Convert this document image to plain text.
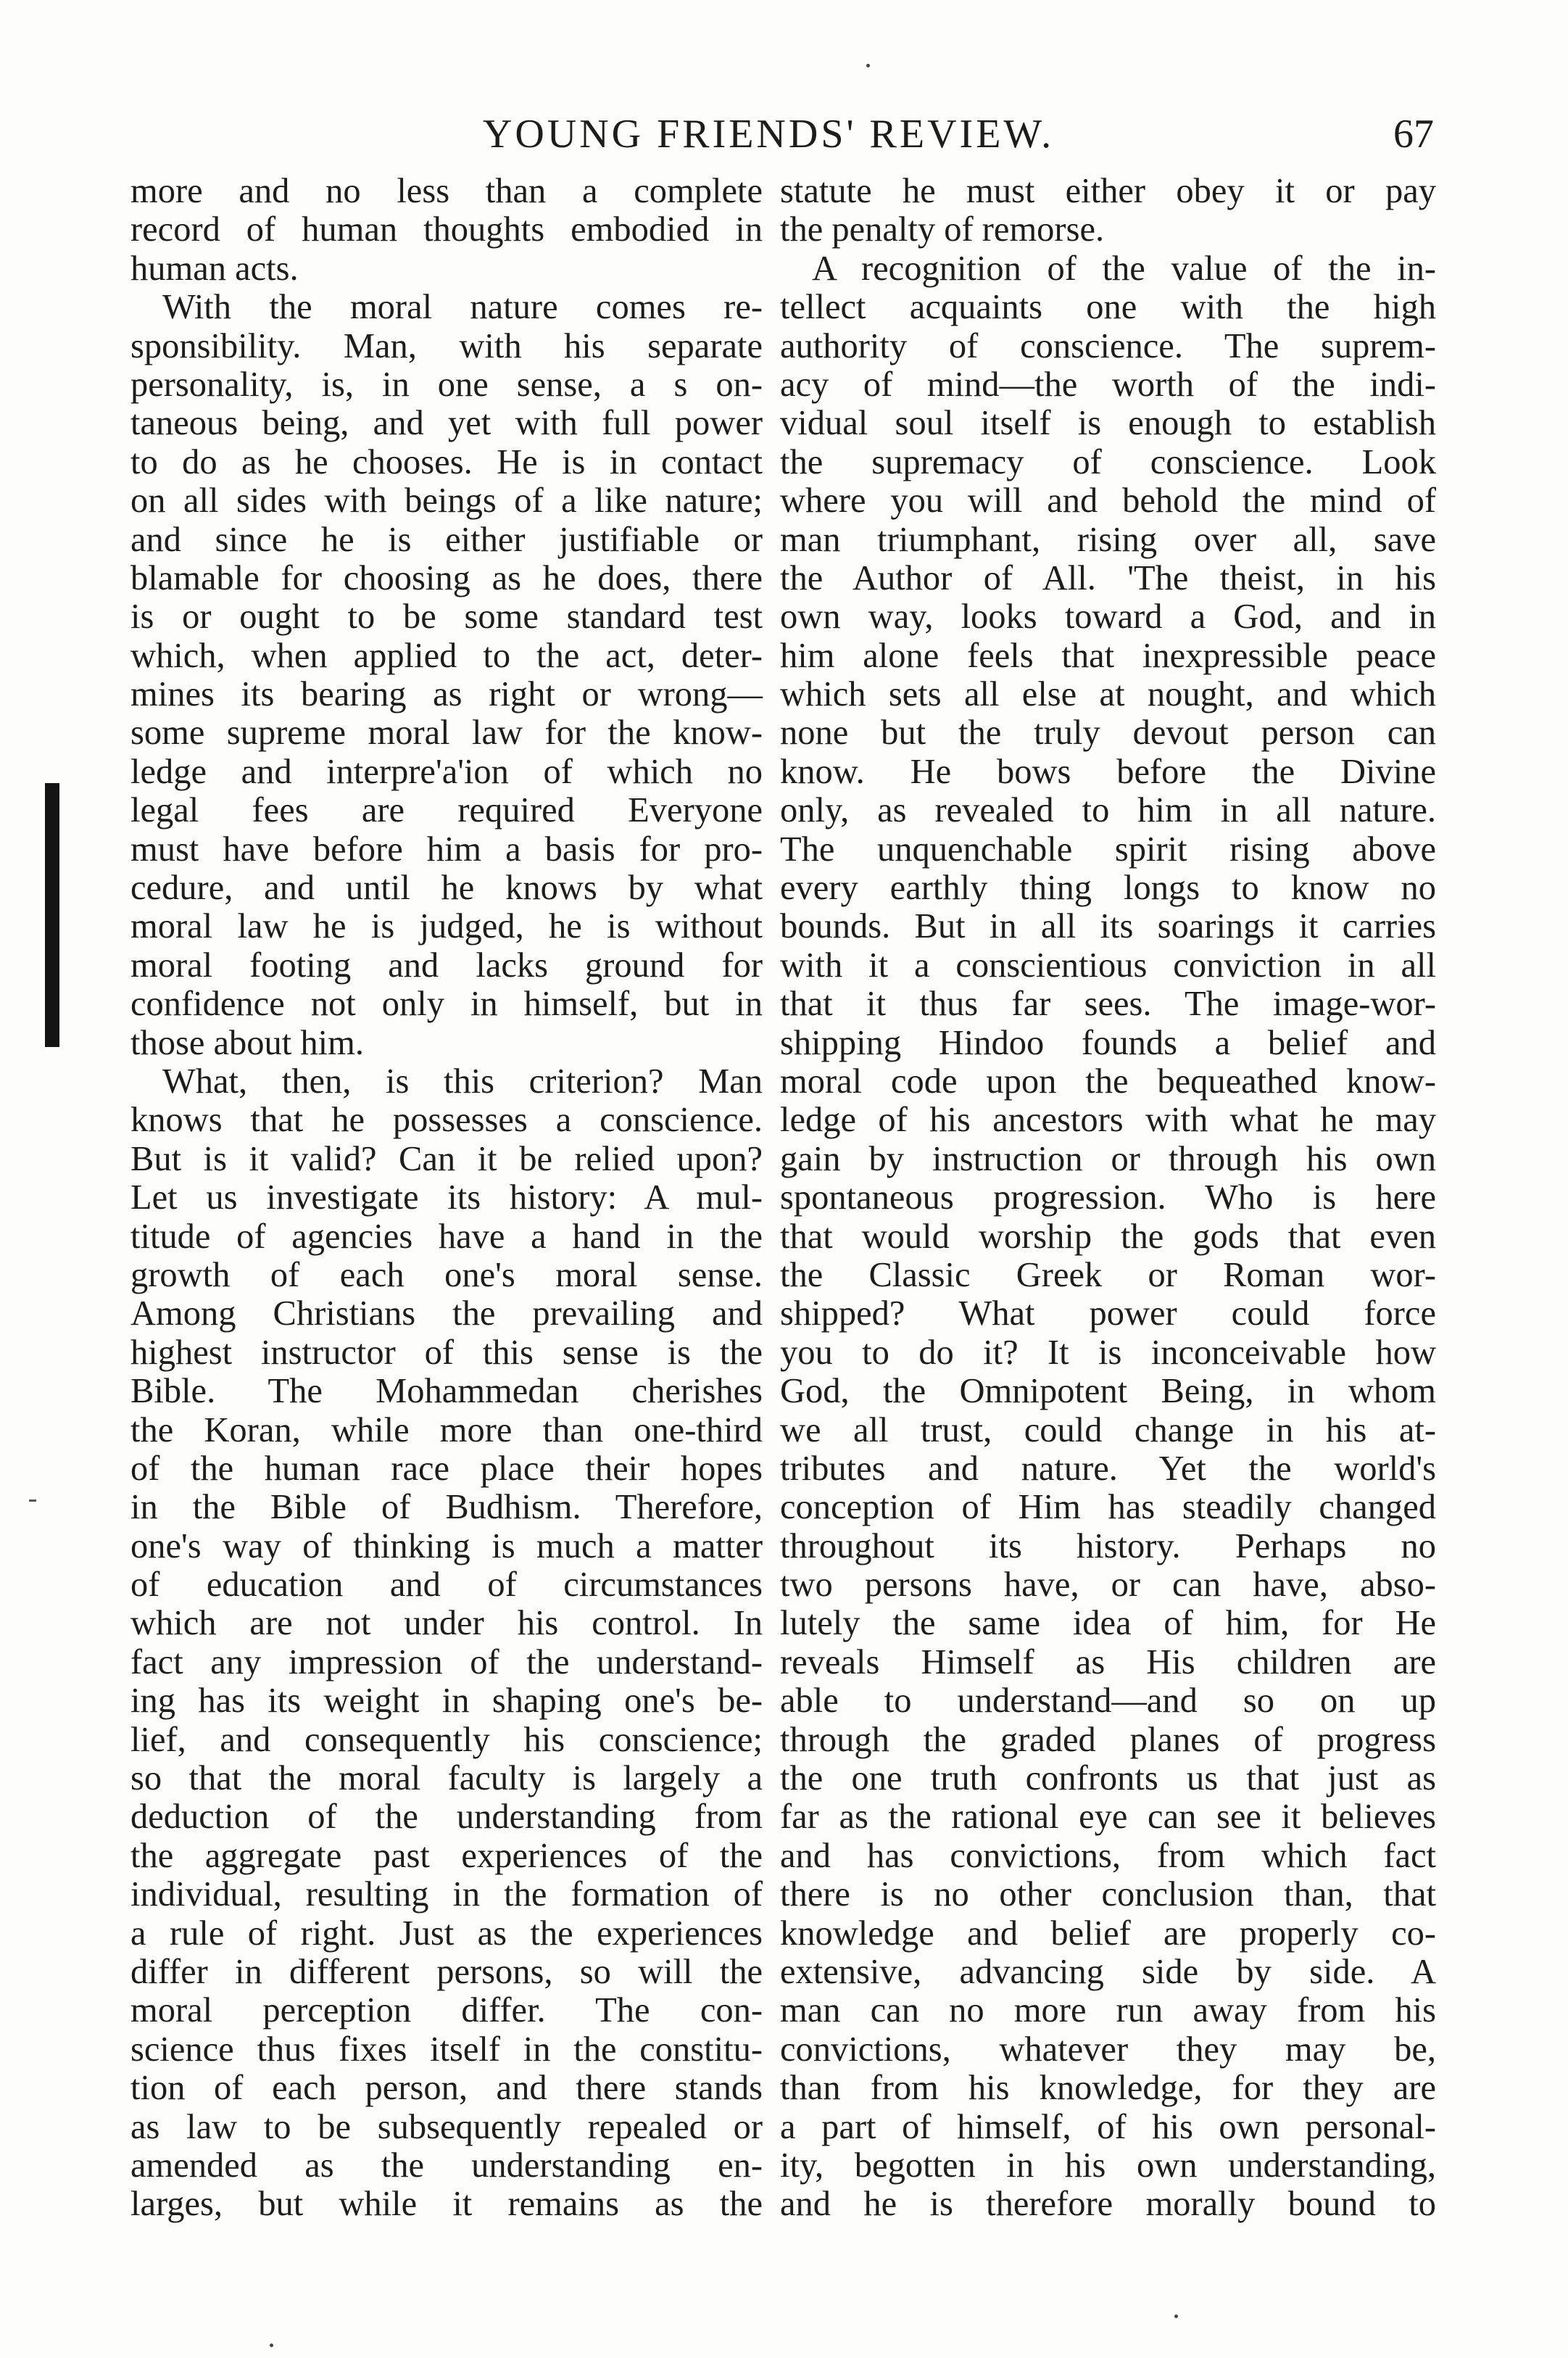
YOUNG FRIENDS' REVIEW.	67
more and no less than a complete
record of human thoughts embodied in
human acts.
With the moral nature comes re-
sponsibility. Man, with his separate
personality, is, in one sense, a s on-
taneous being, and yet with full power
to do as he chooses. He is in contact
on all sides with beings of a like nature;
and since he is either justifiable or
blamable for choosing as he does, there
is or ought to be some standard test
which, when applied to the act, deter-
mines its bearing as right or wrong—
some supreme moral law for the know-
ledge and interpre'a'ion of which no
legal fees are required Everyone
must have before him a basis for pro-
cedure, and until he knows by what
moral law he is judged, he is without
moral footing and lacks ground for
confidence not only in himself, but in
those about him.
What, then, is this criterion? Man
knows that he possesses a conscience.
But is it valid? Can it be relied upon?
Let us investigate its history: A mul-
titude of agencies have a hand in the
growth of each one's moral sense.
Among Christians the prevailing and
highest instructor of this sense is the
Bible. The Mohammedan cherishes
the Koran, while more than one-third
of the human race place their hopes
in the Bible of Budhism. Therefore,
one's way of thinking is much a matter
of education and of circumstances
which are not under his control. In
fact any impression of the understand-
ing has its weight in shaping one's be-
lief, and consequently his conscience;
so that the moral faculty is largely a
deduction of the understanding from
the aggregate past experiences of the
individual, resulting in the formation of
a rule of right. Just as the experiences
differ in different persons, so will the
moral perception differ. The con-
science thus fixes itself in the constitu-
tion of each person, and there stands
as law to be subsequently repealed or
amended as the understanding en-
larges, but while it remains as the
statute he must either obey it or pay
the penalty of remorse.
A recognition of the value of the in-
tellect acquaints one with the high
authority of conscience. The suprem-
acy of mind—the worth of the indi-
vidual soul itself is enough to establish
the supremacy of conscience. Look
where you will and behold the mind of
man triumphant, rising over all, save
the Author of All. 'The theist, in his
own way, looks toward a God, and in
him alone feels that inexpressible peace
which sets all else at nought, and which
none but the truly devout person can
know. He bows before the Divine
only, as revealed to him in all nature.
The unquenchable spirit rising above
every earthly thing longs to know no
bounds. But in all its soarings it carries
with it a conscientious conviction in all
that it thus far sees. The image-wor-
shipping Hindoo founds a belief and
moral code upon the bequeathed know-
ledge of his ancestors with what he may
gain by instruction or through his own
spontaneous progression. Who is here
that would worship the gods that even
the Classic Greek or Roman wor-
shipped? What power could force
you to do it? It is inconceivable how
God, the Omnipotent Being, in whom
we all trust, could change in his at-
tributes and nature. Yet the world's
conception of Him has steadily changed
throughout its history. Perhaps no
two persons have, or can have, abso-
lutely the same idea of him, for He
reveals Himself as His children are
able to understand—and so on up
through the graded planes of progress
the one truth confronts us that just as
far as the rational eye can see it believes
and has convictions, from which fact
there is no other conclusion than, that
knowledge and belief are properly co-
extensive, advancing side by side. A
man can no more run away from his
convictions, whatever they may be,
than from his knowledge, for they are
a part of himself, of his own personal-
ity, begotten in his own understanding,
and he is therefore morally bound to
